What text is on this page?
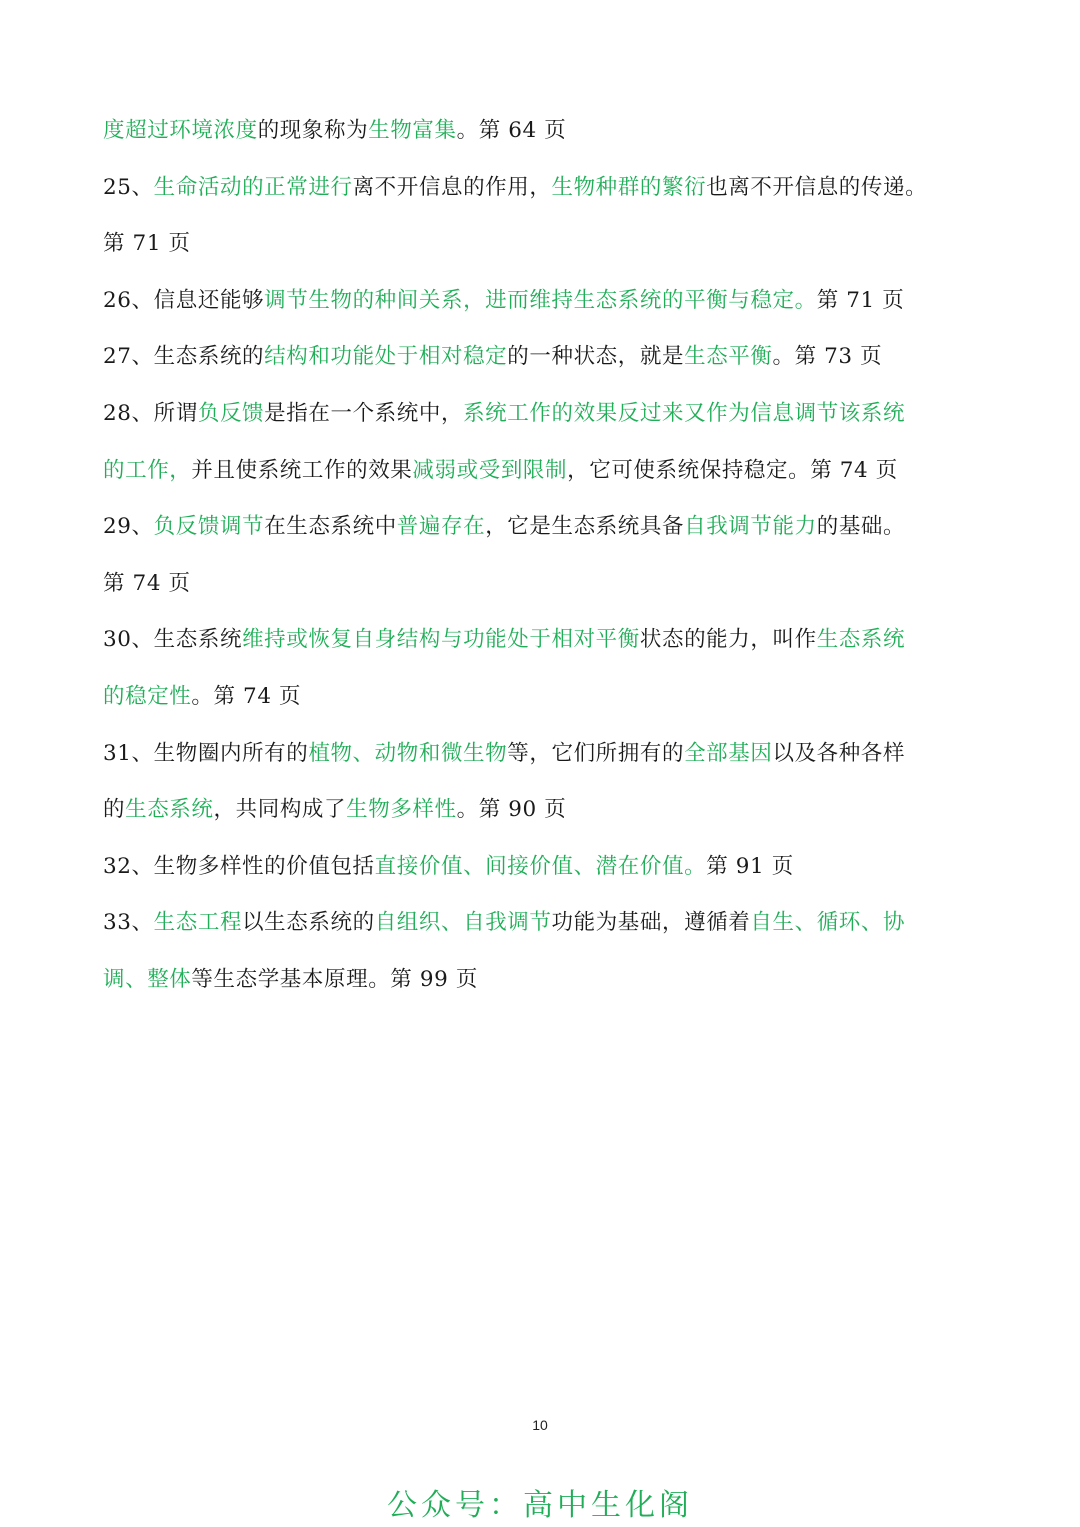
度超过环境浓度的现象称为生物富集。第 64 页
25、生命活动的正常进行离不开信息的作用，生物种群的繁衍也离不开信息的传递。
第 71 页
26、信息还能够调节生物的种间关系，进而维持生态系统的平衡与稳定。第 71 页
27、生态系统的结构和功能处于相对稳定的一种状态，就是生态平衡。第 73 页
28、所谓负反馈是指在一个系统中，系统工作的效果反过来又作为信息调节该系统
的工作，并且使系统工作的效果减弱或受到限制，它可使系统保持稳定。第 74 页
29、负反馈调节在生态系统中普遍存在，它是生态系统具备自我调节能力的基础。
第 74 页
30、生态系统维持或恢复自身结构与功能处于相对平衡状态的能力，叫作生态系统
的稳定性。第 74 页
31、生物圈内所有的植物、动物和微生物等，它们所拥有的全部基因以及各种各样
的生态系统，共同构成了生物多样性。第 90 页
32、生物多样性的价值包括直接价值、间接价值、潜在价值。第 91 页
33、生态工程以生态系统的自组织、自我调节功能为基础，遵循着自生、循环、协
调、整体等生态学基本原理。第 99 页
10
公众号：高中生化阁
